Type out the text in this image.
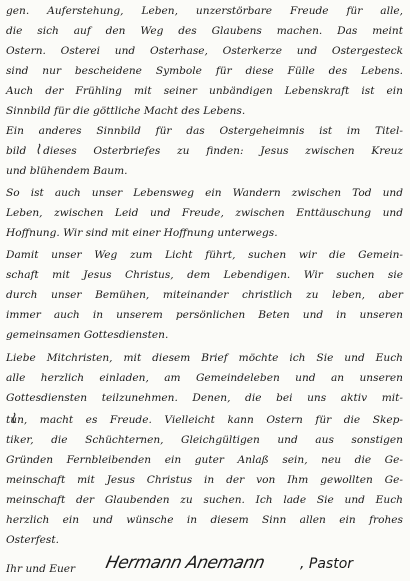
gen. Auferstehung, Leben, unzerstörbare Freude für alle,
die sich auf den Weg des Glaubens machen. Das meint
Ostern. Osterei und Osterhase, Osterkerze und Ostergesteck
sind nur bescheidene Symbole für diese Fülle des Lebens.
Auch der Frühling mit seiner unbändigen Lebenskraft ist ein
Sinnbild für die göttliche Macht des Lebens.
Ein anderes Sinnbild für das Ostergeheimnis ist im Titel-
bild dieses Osterbriefes zu finden: Jesus zwischen Kreuz
und blühendem Baum.
So ist auch unser Lebensweg ein Wandern zwischen Tod und
Leben, zwischen Leid und Freude, zwischen Enttäuschung und
Hoffnung. Wir sind mit einer Hoffnung unterwegs.
Damit unser Weg zum Licht führt, suchen wir die Gemein-
schaft mit Jesus Christus, dem Lebendigen. Wir suchen sie
durch unser Bemühen, miteinander christlich zu leben, aber
immer auch in unserem persönlichen Beten und in unseren
gemeinsamen Gottesdiensten.
Liebe Mitchristen, mit diesem Brief möchte ich Sie und Euch
alle herzlich einladen, am Gemeindeleben und an unseren
Gottesdiensten teilzunehmen. Denen, die bei uns aktiv mit-
tun, macht es Freude. Vielleicht kann Ostern für die Skep-
tiker, die Schüchternen, Gleichgültigen und aus sonstigen
Gründen Fernbleibenden ein guter Anlaß sein, neu die Ge-
meinschaft mit Jesus Christus in der von Ihm gewollten Ge-
meinschaft der Glaubenden zu suchen. Ich lade Sie und Euch
herzlich ein und wünsche in diesem Sinn allen ein frohes
Osterfest.
Ihr und Euer Hermann Anemann , Pastor
